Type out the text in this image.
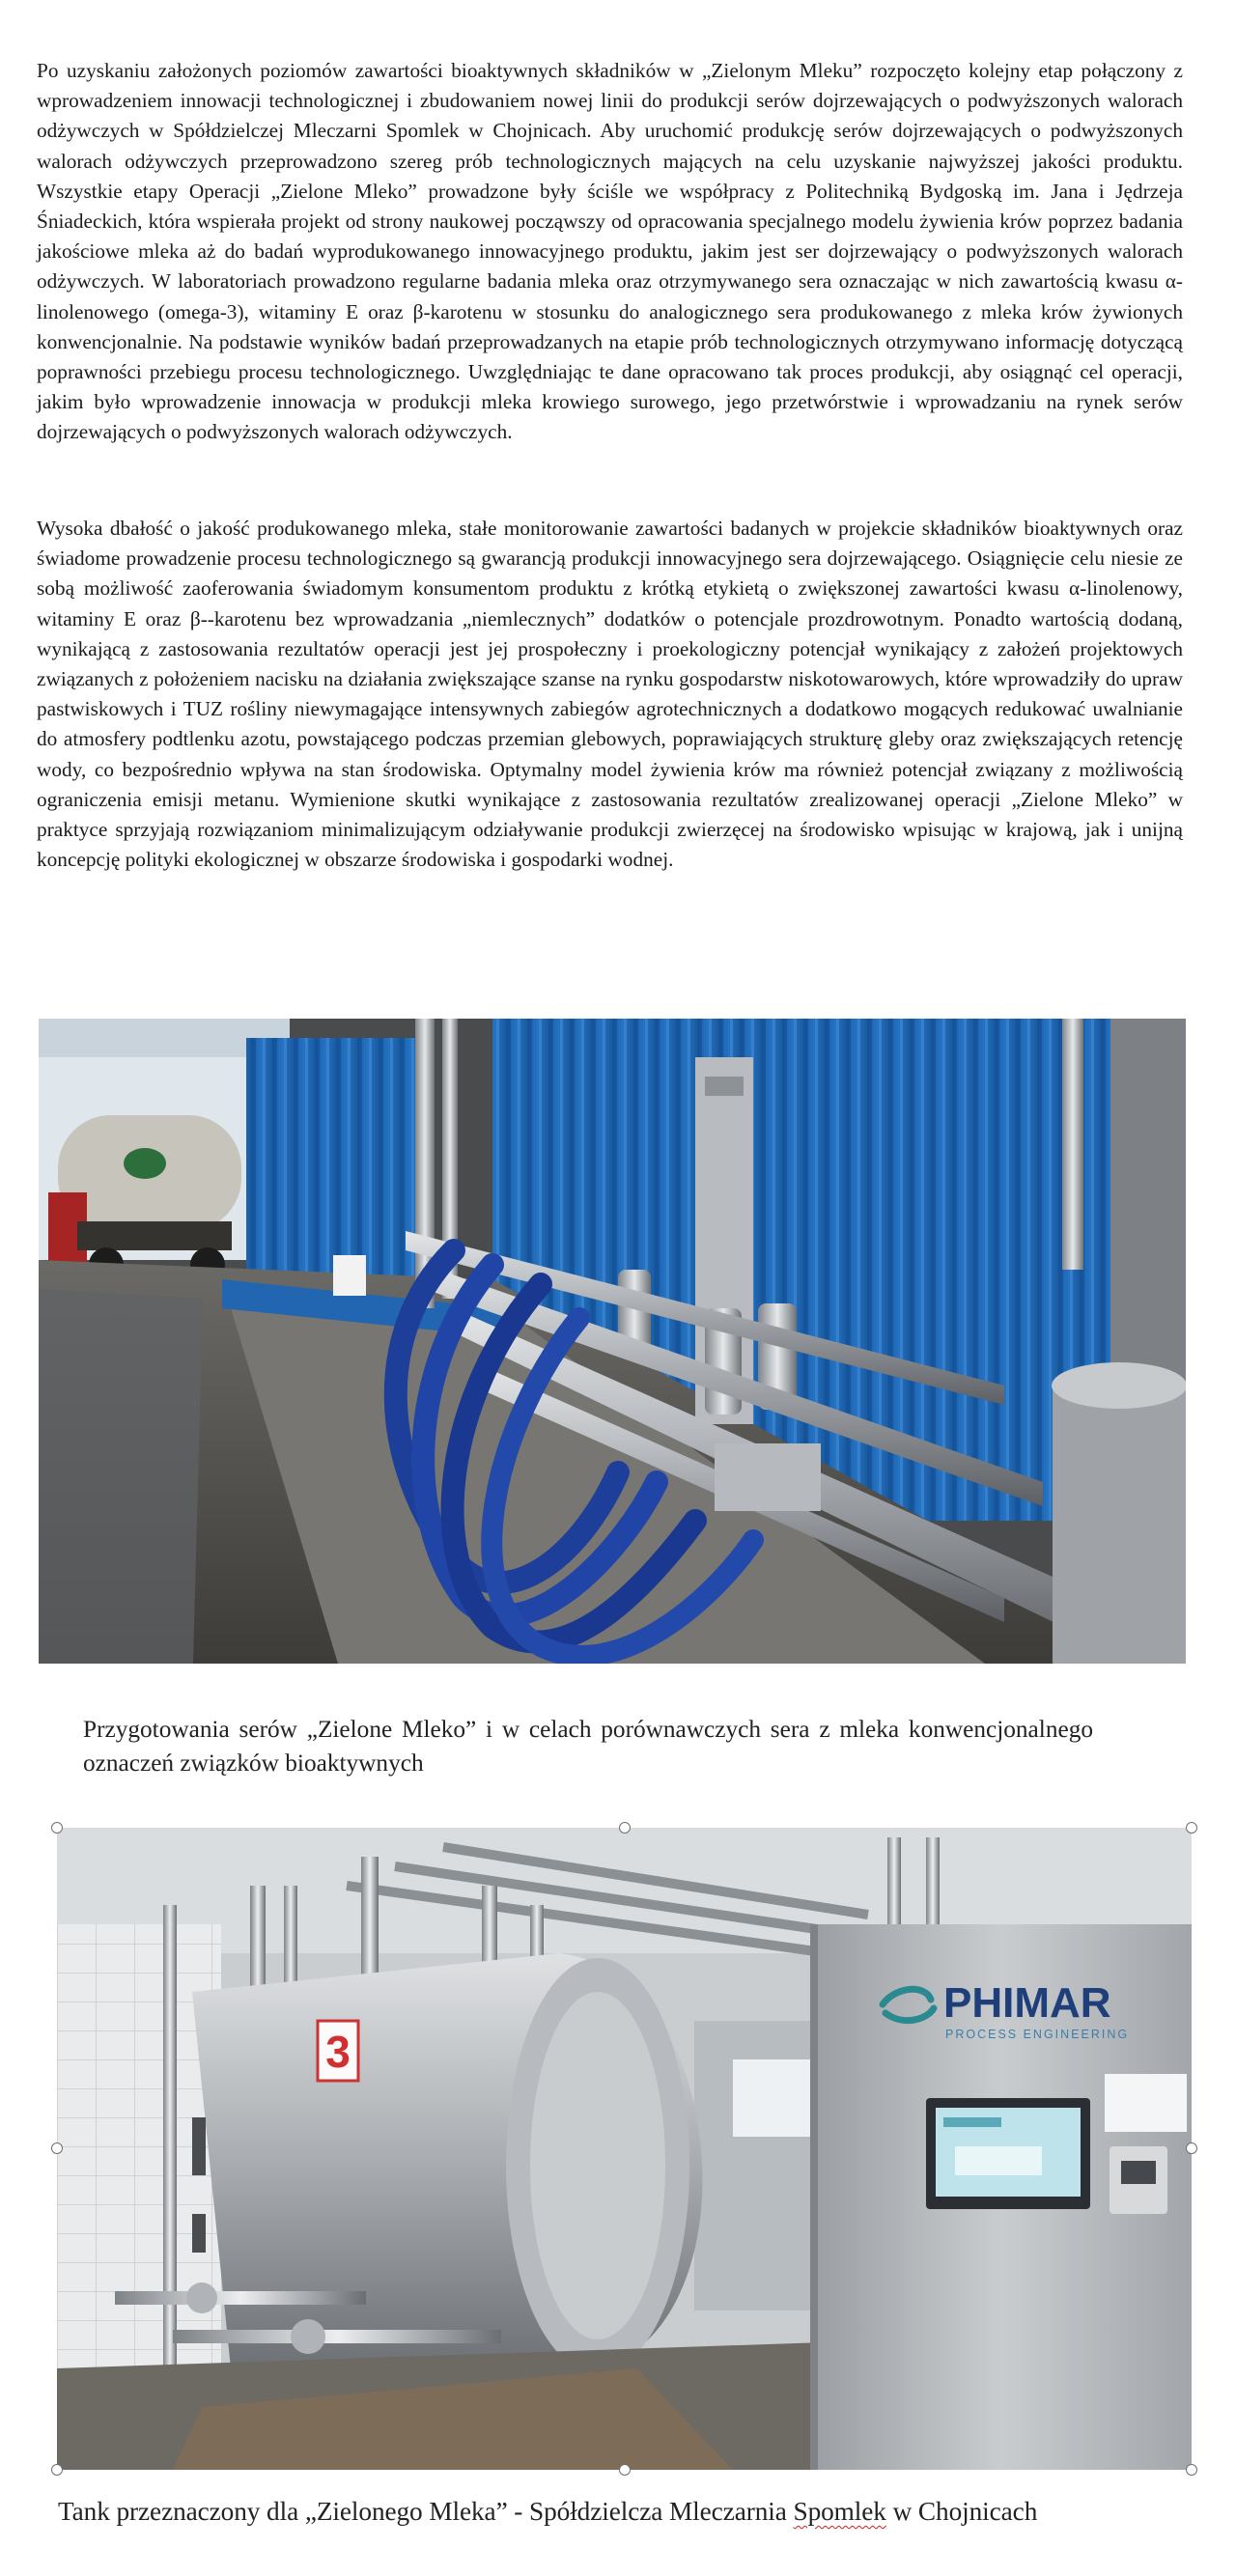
Po uzyskaniu założonych poziomów zawartości bioaktywnych składników w „Zielonym Mleku” rozpoczęto kolejny etap połączony z wprowadzeniem innowacji technologicznej i zbudowaniem nowej linii do produkcji serów dojrzewających o podwyższonych walorach odżywczych w Spółdzielczej Mleczarni Spomlek w Chojnicach. Aby uruchomić produkcję serów dojrzewających o podwyższonych walorach odżywczych przeprowadzono szereg prób technologicznych mających na celu uzyskanie najwyższej jakości produktu. Wszystkie etapy Operacji „Zielone Mleko” prowadzone były ściśle we współpracy z Politechniką Bydgoską im. Jana i Jędrzeja Śniadeckich, która wspierała projekt od strony naukowej począwszy od opracowania specjalnego modelu żywienia krów poprzez badania jakościowe mleka aż do badań wyprodukowanego innowacyjnego produktu, jakim jest ser dojrzewający o podwyższonych walorach odżywczych. W laboratoriach prowadzono regularne badania mleka oraz otrzymywanego sera oznaczając w nich zawartością kwasu α-linolenowego (omega-3), witaminy E oraz β-karotenu w stosunku do analogicznego sera produkowanego z mleka krów żywionych konwencjonalnie. Na podstawie wyników badań przeprowadzanych na etapie prób technologicznych otrzymywano informację dotyczącą poprawności przebiegu procesu technologicznego. Uwzględniając te dane opracowano tak proces produkcji, aby osiągnąć cel operacji, jakim było wprowadzenie innowacja w produkcji mleka krowiego surowego, jego przetwórstwie i wprowadzaniu na rynek serów dojrzewających o podwyższonych walorach odżywczych.

Wysoka dbałość o jakość produkowanego mleka, stałe monitorowanie zawartości badanych w projekcie składników bioaktywnych oraz świadome prowadzenie procesu technologicznego są gwarancją produkcji innowacyjnego sera dojrzewającego. Osiągnięcie celu niesie ze sobą możliwość zaoferowania świadomym konsumentom produktu z krótką etykietą o zwiększonej zawartości kwasu α-linolenowy, witaminy E oraz β--karotenu bez wprowadzania „niemlecznych” dodatków o potencjale prozdrowotnym. Ponadto wartością dodaną, wynikającą z zastosowania rezultatów operacji jest jej prospołeczny i proekologiczny potencjał wynikający z założeń projektowych związanych z położeniem nacisku na działania zwiększające szanse na rynku gospodarstw niskotowarowych, które wprowadziły do upraw pastwiskowych i TUZ rośliny niewymagające intensywnych zabiegów agrotechnicznych a dodatkowo mogących redukować uwalnianie do atmosfery podtlenku azotu, powstającego podczas przemian glebowych, poprawiających strukturę gleby oraz zwiększających retencję wody, co bezpośrednio wpływa na stan środowiska. Optymalny model żywienia krów ma również potencjał związany z możliwością ograniczenia emisji metanu. Wymienione skutki wynikające z zastosowania rezultatów zrealizowanej operacji „Zielone Mleko” w praktyce sprzyjają rozwiązaniom minimalizującym odziaływanie produkcji zwierzęcej na środowisko wpisując w krajową, jak i unijną koncepcję polityki ekologicznej w obszarze środowiska i gospodarki wodnej.

Przygotowania serów „Zielone Mleko” i w celach porównawczych sera z mleka konwencjonalnego oznaczeń związków bioaktywnych

3
PHIMAR
PROCESS ENGINEERING

Tank przeznaczony dla „Zielonego Mleka” - Spółdzielcza Mleczarnia Spomlek w Chojnicach
